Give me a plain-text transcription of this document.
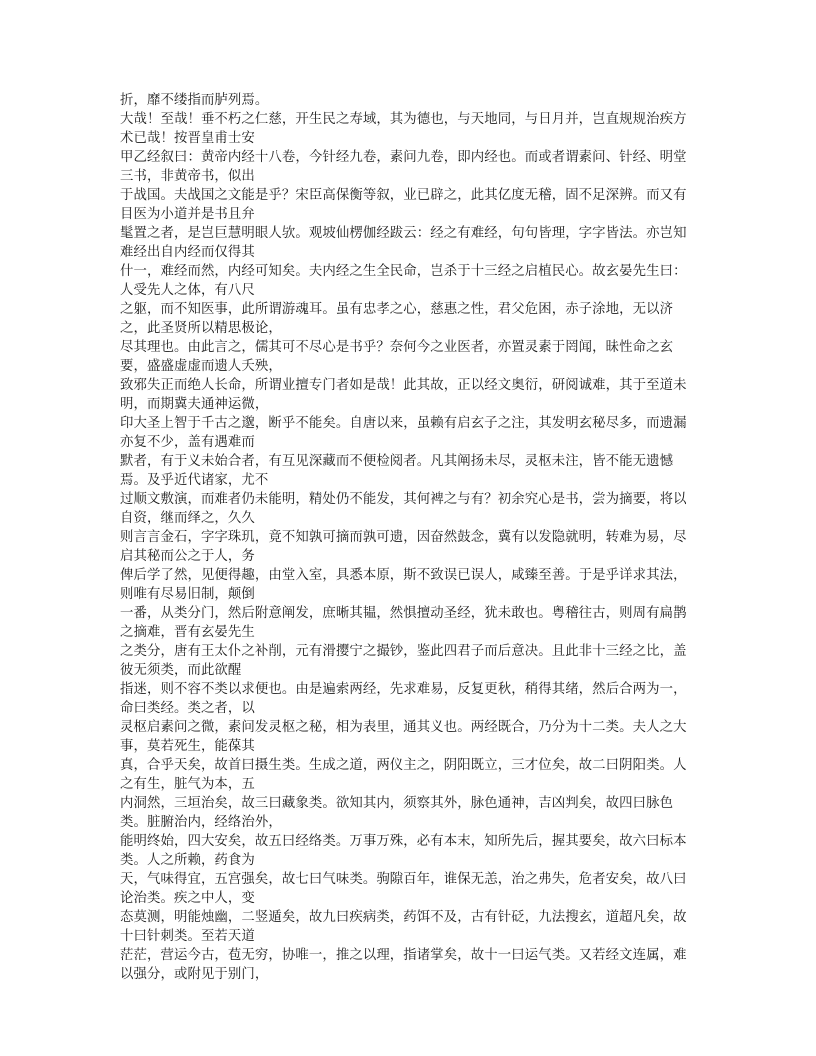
折，靡不缕指而胪列焉。

大哉！至哉！垂不朽之仁慈，开生民之寿域，其为德也，与天地同，与日月并，岂直规规治疾方术已哉！按晋皇甫士安

甲乙经叙曰：黄帝内经十八卷，今针经九卷，素问九卷，即内经也。而或者谓素问、针经、明堂三书，非黄帝书，似出

于战国。夫战国之文能是乎？宋臣高保衡等叙，业已辟之，此其亿度无稽，固不足深辨。而又有目医为小道并是书且弁

髦置之者，是岂巨慧明眼人欤。观坡仙楞伽经跋云：经之有难经，句句皆理，字字皆法。亦岂知难经出自内经而仅得其

什一，难经而然，内经可知矣。夫内经之生全民命，岂杀于十三经之启植民心。故玄晏先生曰：人受先人之体，有八尺

之躯，而不知医事，此所谓游魂耳。虽有忠孝之心，慈惠之性，君父危困，赤子涂地，无以济之，此圣贤所以精思极论，

尽其理也。由此言之，儒其可不尽心是书乎？奈何今之业医者，亦置灵素于罔闻，昧性命之玄要，盛盛虚虚而遗人夭殃，

致邪失正而绝人长命，所谓业擅专门者如是哉！此其故，正以经文奥衍，研阅诚难，其于至道未明，而期冀夫通神运微，

印大圣上智于千古之邈，断乎不能矣。自唐以来，虽赖有启玄子之注，其发明玄秘尽多，而遗漏亦复不少，盖有遇难而

默者，有于义未始合者，有互见深藏而不便检阅者。凡其阐扬未尽，灵枢未注，皆不能无遗憾焉。及乎近代诸家，尤不

过顺文敷演，而难者仍未能明，精处仍不能发，其何裨之与有？初余究心是书，尝为摘要，将以自资，继而绎之，久久

则言言金石，字字珠玑，竟不知孰可摘而孰可遗，因奋然鼓念，冀有以发隐就明，转难为易，尽启其秘而公之于人，务

俾后学了然，见便得趣，由堂入室，具悉本原，斯不致误已误人，咸臻至善。于是乎详求其法，则唯有尽易旧制，颠倒

一番，从类分门，然后附意阐发，庶晰其韫，然惧擅动圣经，犹未敢也。粤稽往古，则周有扁鹊之摘难，晋有玄晏先生

之类分，唐有王太仆之补削，元有滑撄宁之撮钞，鉴此四君子而后意决。且此非十三经之比，盖彼无须类，而此欲醒

指迷，则不容不类以求便也。由是遍索两经，先求难易，反复更秋，稍得其绪，然后合两为一，命曰类经。类之者，以

灵枢启素问之微，素问发灵枢之秘，相为表里，通其义也。两经既合，乃分为十二类。夫人之大事，莫若死生，能葆其

真，合乎天矣，故首曰摄生类。生成之道，两仪主之，阴阳既立，三才位矣，故二曰阴阳类。人之有生，脏气为本，五

内洞然，三垣治矣，故三曰藏象类。欲知其内，须察其外，脉色通神，吉凶判矣，故四曰脉色类。脏腑治内，经络治外，

能明终始，四大安矣，故五曰经络类。万事万殊，必有本末，知所先后，握其要矣，故六曰标本类。人之所赖，药食为

天，气味得宜，五宫强矣，故七曰气味类。驹隙百年，谁保无恙，治之弗失，危者安矣，故八曰论治类。疾之中人，变

态莫测，明能烛幽，二竖遁矣，故九曰疾病类，药饵不及，古有针砭，九法搜玄，道超凡矣，故十曰针刺类。至若天道

茫茫，营运今古，苞无穷，协唯一，推之以理，指诸掌矣，故十一曰运气类。又若经文连属，难以强分，或附见于别门，
